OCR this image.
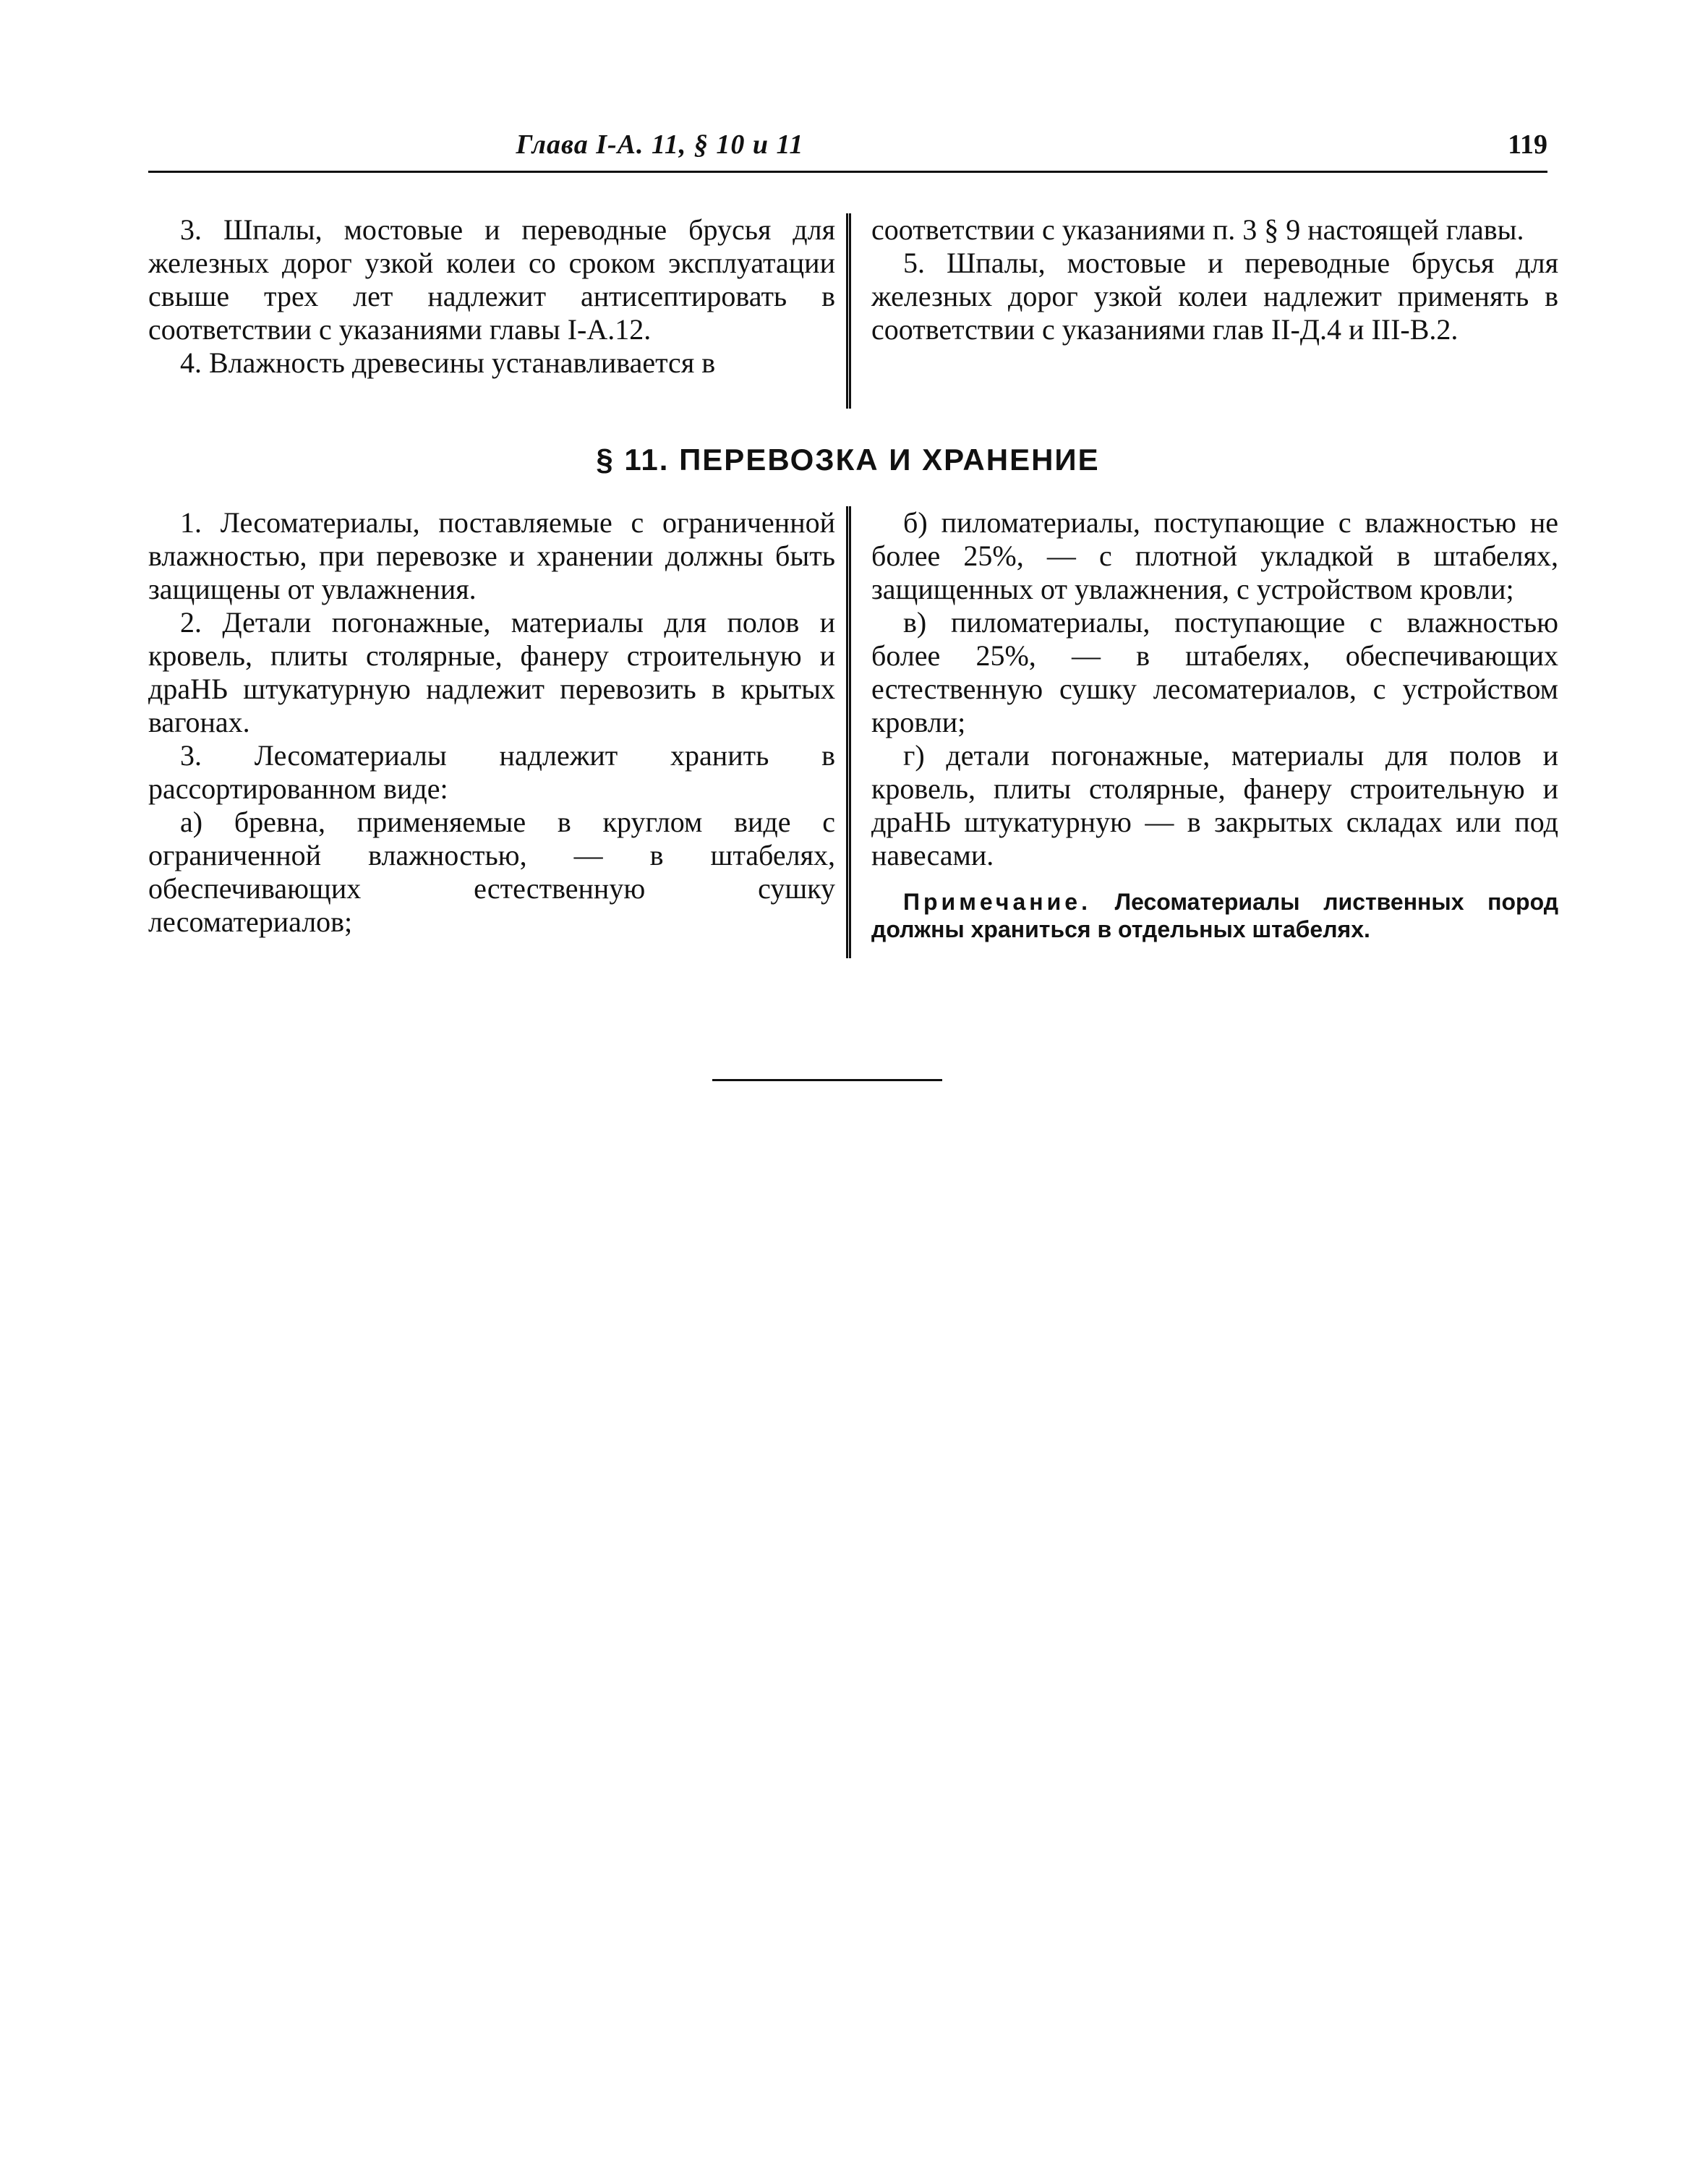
Глава I-А. 11, § 10 и 11	119

3. Шпалы, мостовые и переводные брусья для железных дорог узкой колеи со сроком эксплуатации свыше трех лет надлежит антисептировать в соответствии с указаниями главы I-А.12.

4. Влажность древесины устанавливается в

соответствии с указаниями п. 3 § 9 настоящей главы.

5. Шпалы, мостовые и переводные брусья для железных дорог узкой колеи надлежит применять в соответствии с указаниями глав II-Д.4 и III-В.2.

§ 11. ПЕРЕВОЗКА И ХРАНЕНИЕ

1. Лесоматериалы, поставляемые с ограниченной влажностью, при перевозке и хранении должны быть защищены от увлажнения.

2. Детали погонажные, материалы для полов и кровель, плиты столярные, фанеру строительную и драНЬ штукатурную надлежит перевозить в крытых вагонах.

3. Лесоматериалы надлежит хранить в рассортированном виде:

а) бревна, применяемые в круглом виде с ограниченной влажностью, — в штабелях, обеспечивающих естественную сушку лесоматериалов;

б) пиломатериалы, поступающие с влажностью не более 25%, — с плотной укладкой в штабелях, защищенных от увлажнения, с устройством кровли;

в) пиломатериалы, поступающие с влажностью более 25%, — в штабелях, обеспечивающих естественную сушку лесоматериалов, с устройством кровли;

г) детали погонажные, материалы для полов и кровель, плиты столярные, фанеру строительную и драНЬ штукатурную — в закрытых складах или под навесами.

Примечание. Лесоматериалы лиственных пород должны храниться в отдельных штабелях.
